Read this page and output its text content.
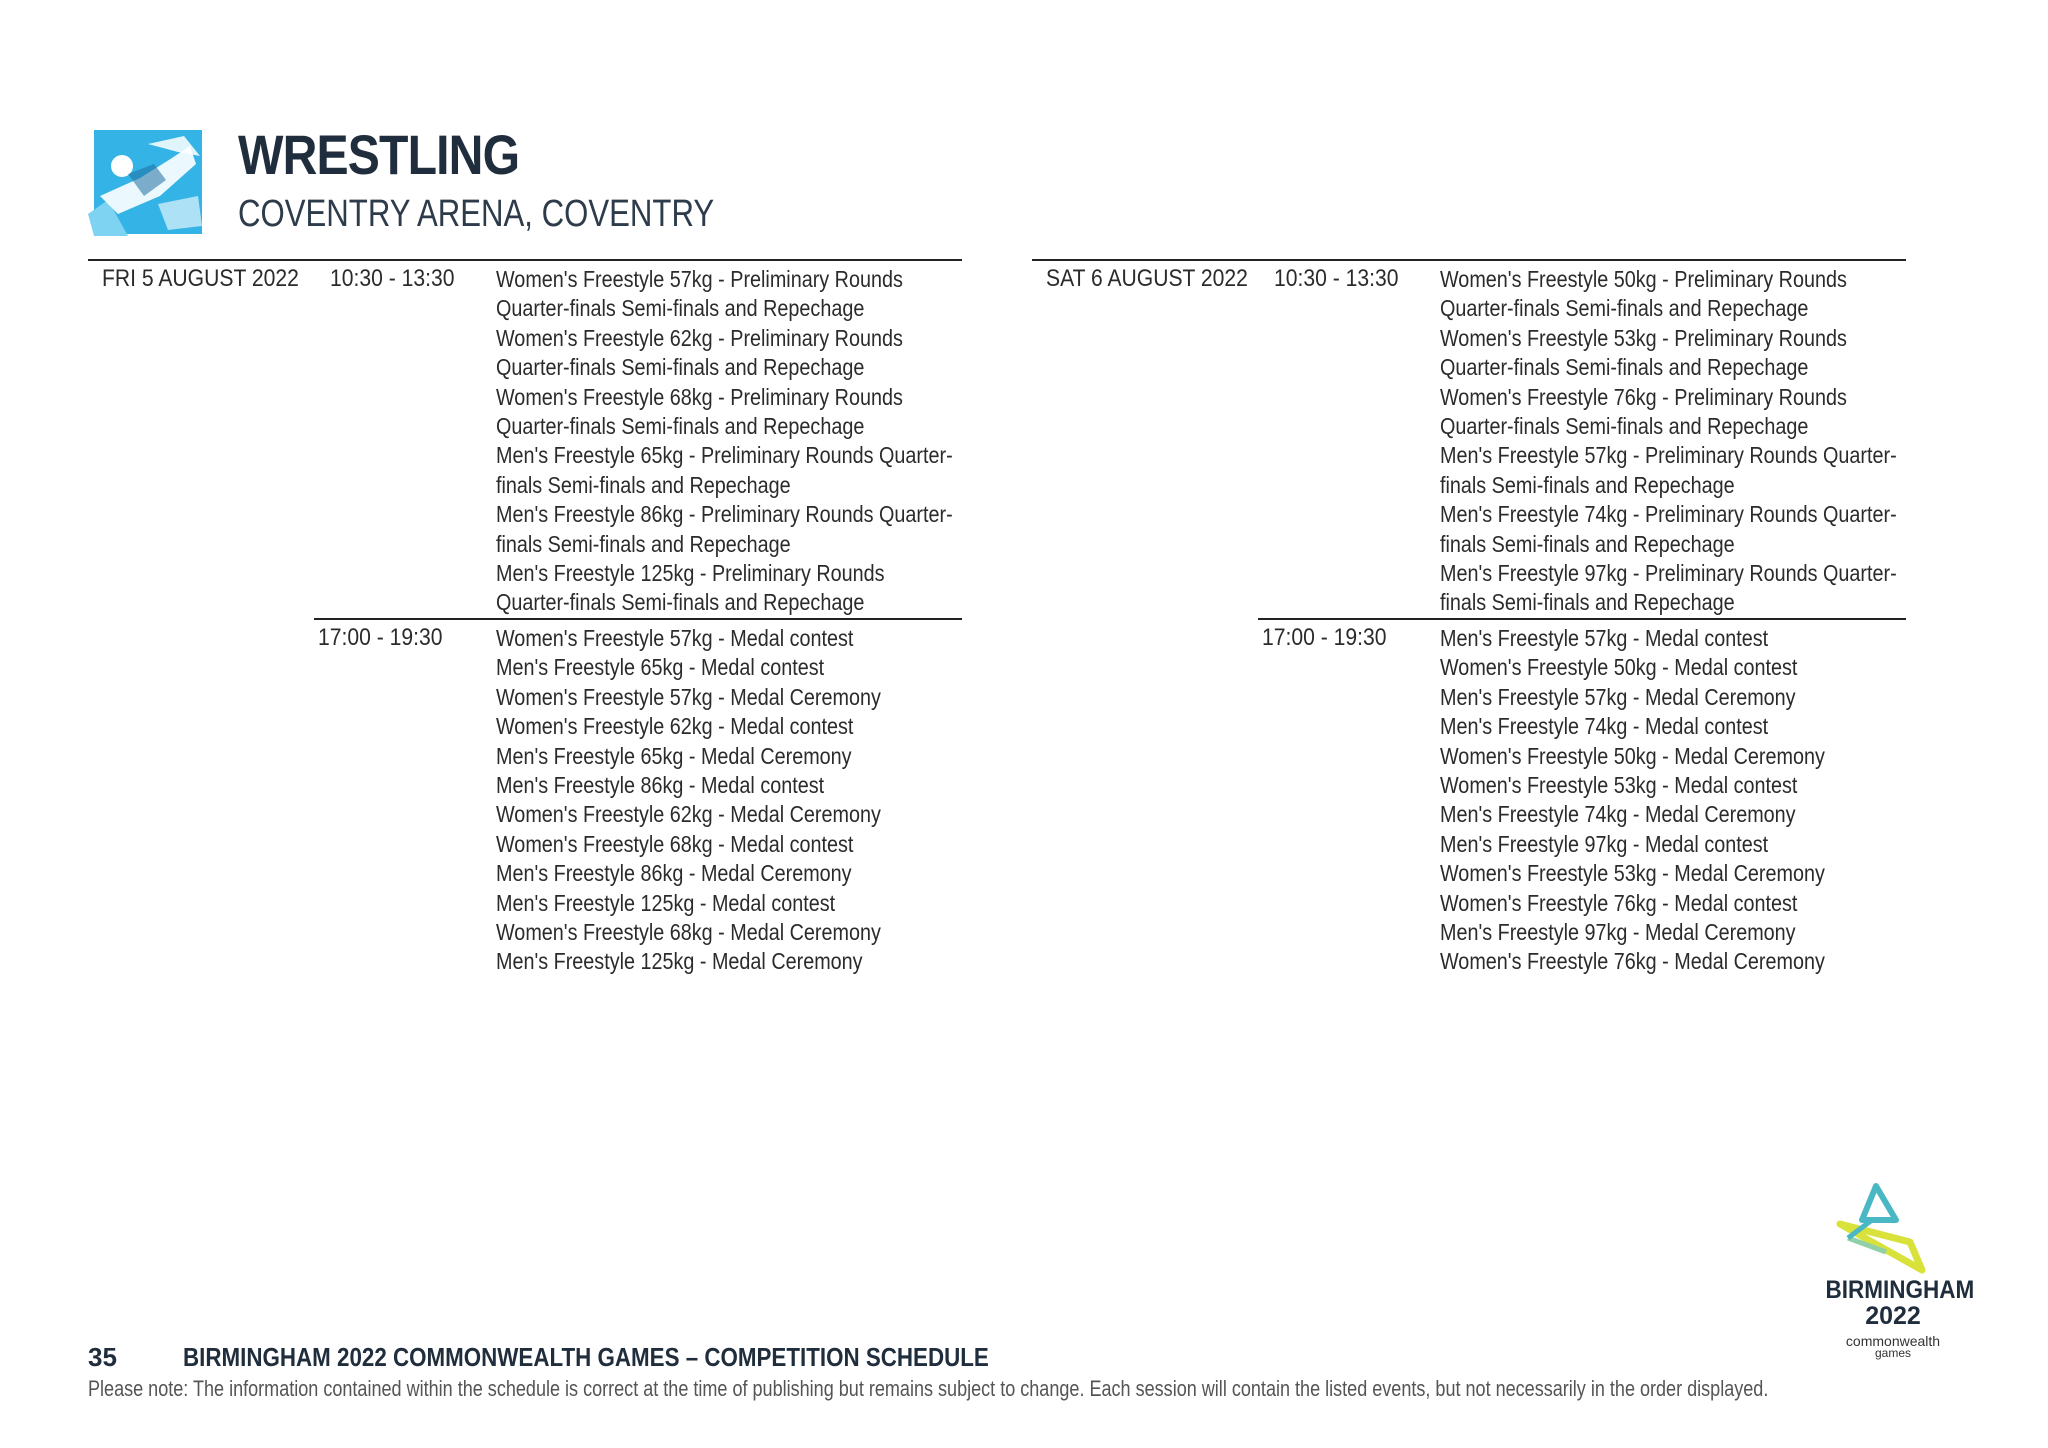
WRESTLING
COVENTRY ARENA, COVENTRY
FRI 5 AUGUST 2022 10:30 - 13:30 Women's Freestyle 57kg - Preliminary Rounds Quarter-finals Semi-finals and Repechage
Women's Freestyle 62kg - Preliminary Rounds Quarter-finals Semi-finals and Repechage
Women's Freestyle 68kg - Preliminary Rounds Quarter-finals Semi-finals and Repechage
Men's Freestyle 65kg - Preliminary Rounds Quarter-finals Semi-finals and Repechage
Men's Freestyle 86kg - Preliminary Rounds Quarter-finals Semi-finals and Repechage
Men's Freestyle 125kg - Preliminary Rounds Quarter-finals Semi-finals and Repechage
17:00 - 19:30 Women's Freestyle 57kg - Medal contest
Men's Freestyle 65kg - Medal contest
Women's Freestyle 57kg - Medal Ceremony
Women's Freestyle 62kg - Medal contest
Men's Freestyle 65kg - Medal Ceremony
Men's Freestyle 86kg - Medal contest
Women's Freestyle 62kg - Medal Ceremony
Women's Freestyle 68kg - Medal contest
Men's Freestyle 86kg - Medal Ceremony
Men's Freestyle 125kg - Medal contest
Women's Freestyle 68kg - Medal Ceremony
Men's Freestyle 125kg - Medal Ceremony
SAT 6 AUGUST 2022 10:30 - 13:30 Women's Freestyle 50kg - Preliminary Rounds Quarter-finals Semi-finals and Repechage
Women's Freestyle 53kg - Preliminary Rounds Quarter-finals Semi-finals and Repechage
Women's Freestyle 76kg - Preliminary Rounds Quarter-finals Semi-finals and Repechage
Men's Freestyle 57kg - Preliminary Rounds Quarter-finals Semi-finals and Repechage
Men's Freestyle 74kg - Preliminary Rounds Quarter-finals Semi-finals and Repechage
Men's Freestyle 97kg - Preliminary Rounds Quarter-finals Semi-finals and Repechage
17:00 - 19:30 Men's Freestyle 57kg - Medal contest
Women's Freestyle 50kg - Medal contest
Men's Freestyle 57kg - Medal Ceremony
Men's Freestyle 74kg - Medal contest
Women's Freestyle 50kg - Medal Ceremony
Women's Freestyle 53kg - Medal contest
Men's Freestyle 74kg - Medal Ceremony
Men's Freestyle 97kg - Medal contest
Women's Freestyle 53kg - Medal Ceremony
Women's Freestyle 76kg - Medal contest
Men's Freestyle 97kg - Medal Ceremony
Women's Freestyle 76kg - Medal Ceremony
BIRMINGHAM
2022
commonwealth
games
35	BIRMINGHAM 2022 COMMONWEALTH GAMES – COMPETITION SCHEDULE
Please note: The information contained within the schedule is correct at the time of publishing but remains subject to change. Each session will contain the listed events, but not necessarily in the order displayed.
